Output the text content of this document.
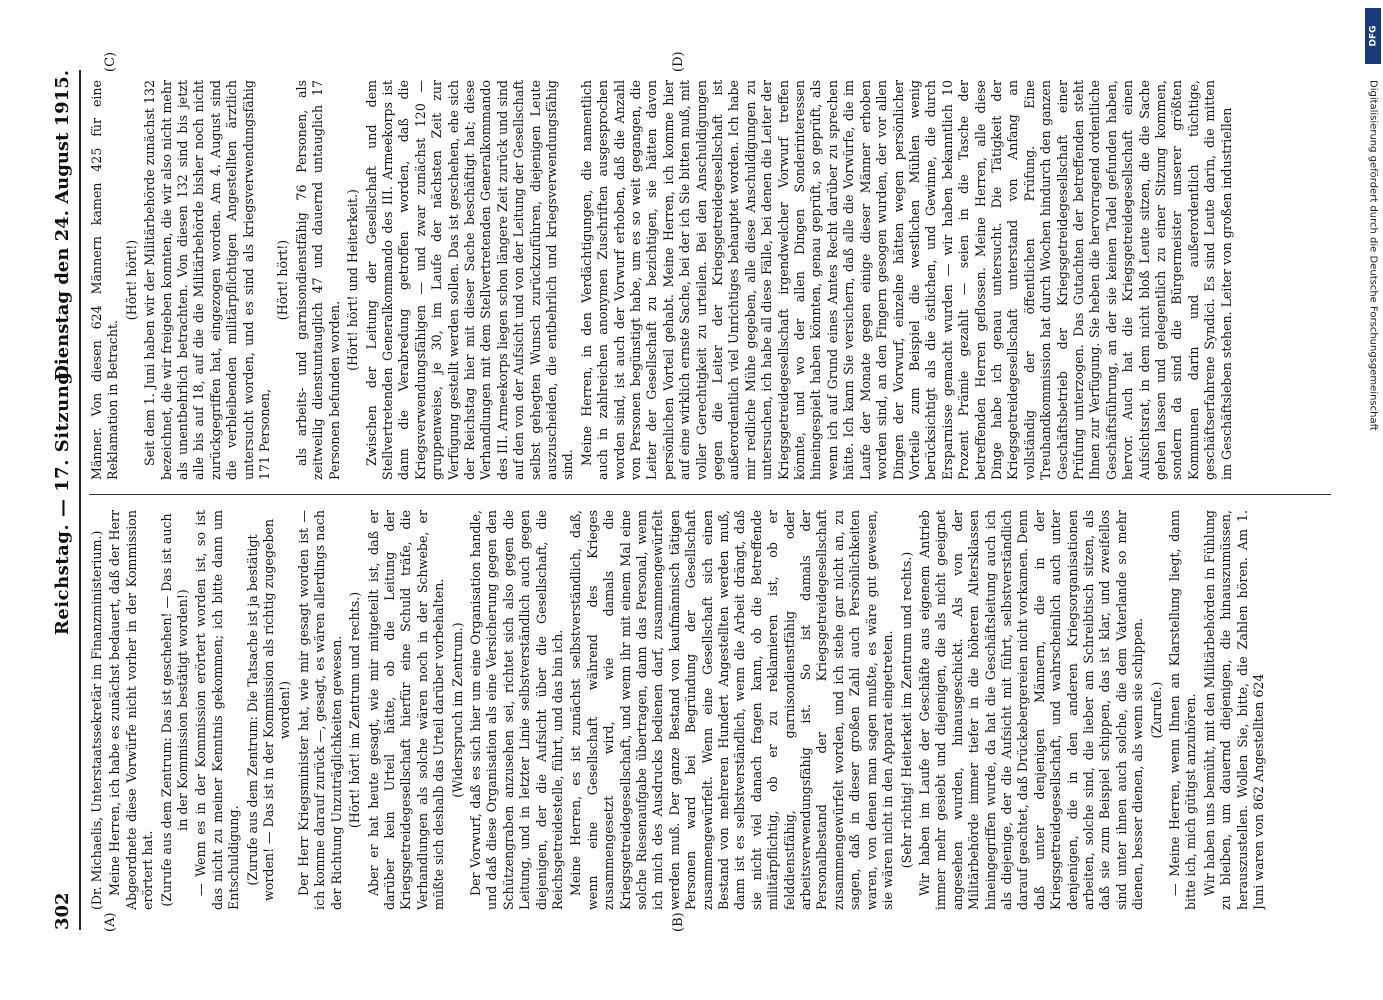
302
Reichstag. — 17. Sitzung.
Dienstag den 24. August 1915.
(A)	(B)
(C)	(D)

(Dr. Michaelis, Unterstaatssekretär im Finanzministerium.) Meine Herren, ich habe es zunächst bedauert, daß der Herr Abgeordnete diese Vorwürfe nicht vorher in der Kommission erörtert hat. (Zurufe aus dem Zentrum: Das ist geschehen! — Das ist auch in der Kommission bestätigt worden!) — Wenn es in der Kommission erörtert worden ist, so ist das nicht zu meiner Kenntnis gekommen; ich bitte dann um Entschuldigung. (Zurufe aus dem Zentrum: Die Tatsache ist ja bestätigt worden! — Das ist in der Kommission als richtig zugegeben worden!) Der Herr Kriegsminister hat, wie mir gesagt worden ist — ich komme darauf zurück —, gesagt, es wären allerdings nach der Richtung Unzuträglichkeiten gewesen. (Hört! hört! im Zentrum und rechts.) Aber er hat heute gesagt, wie mir mitgeteilt ist, daß er darüber kein Urteil hätte, ob die Leitung der Kriegsgetreidegesellschaft hierfür eine Schuld träfe, die Verhandlungen als solche wären noch in der Schwebe, er müßte sich deshalb das Urteil darüber vorbehalten. (Widerspruch im Zentrum.) Der Vorwurf, daß es sich hier um eine Organisation handle, und daß diese Organisation als eine Versicherung gegen den Schützengraben anzusehen sei, richtet sich also gegen die Leitung, und in letzter Linie selbstverständlich auch gegen diejenigen, der die Aufsicht über die Gesellschaft, die Reichsgetreidestelle, führt, und das bin ich. Meine Herren, es ist zunächst selbstverständlich, daß, wenn eine Gesellschaft während des Krieges zusammengesetzt wird, wie damals die Kriegsgetreidegesellschaft, und wenn ihr mit einem Mal eine solche Riesenaufgabe übertragen, dann das Personal, wenn ich mich des Ausdrucks bedienen darf, zusammengewürfelt werden muß. Der ganze Bestand von kaufmännisch tätigen Personen ward bei Begründung der Gesellschaft zusammengewürfelt. Wenn eine Gesellschaft sich einen Bestand von mehreren Hundert Angestellten werden muß, dann ist es selbstverständlich, wenn die Arbeit drängt, daß sie nicht viel danach fragen kann, ob die Betreffende militärpflichtig, ob er zu reklamieren ist, ob er felddienstfähig, garnisondienstfähig oder arbeitsverwendungsfähig ist. So ist damals der Personalbestand der Kriegsgetreidegesellschaft zusammengewürfelt worden, und ich stehe gar nicht an, zu sagen, daß in dieser großen Zahl auch Persönlichkeiten waren, von denen man sagen mußte, es wäre gut gewesen, sie wären nicht in den Apparat eingetreten. (Sehr richtig! Heiterkeit im Zentrum und rechts.) Wir haben im Laufe der Geschäfte aus eigenem Antrieb immer mehr gesiebt und diejenigen, die als nicht geeignet angesehen wurden, hinausgeschickt. Als von der Militärbehörde immer tiefer in die höheren Altersklassen hineingegriffen wurde, da hat die Geschäftsleitung auch ich als diejenige, der die Aufsicht mit führt, selbstverständlich darauf geachtet, daß Drückebergereien nicht vorkamen. Denn daß unter denjenigen Männern, die in der Kriegsgetreidegesellschaft, und wahrscheinlich auch unter denjenigen, die in den anderen Kriegsorganisationen arbeiten, solche sind, die lieber am Schreibtisch sitzen, als daß sie zum Beispiel schippen, das ist klar, und zweifellos sind unter ihnen auch solche, die dem Vaterlande so mehr dienen, besser dienen, als wenn sie schippen. (Zurufe.) — Meine Herren, wenn Ihnen an Klarstellung liegt, dann bitte ich, mich gütigst anzuhören. Wir haben uns bemüht, mit den Militärbehörden in Fühlung zu bleiben, um dauernd diejenigen, die hinauszumüssen, herauszustellen. Wollen Sie, bitte, die Zahlen hören. Am 1. Juni waren von 862 Angestellten 624

Männer. Von diesen 624 Männern kamen 425 für eine Reklamation in Betracht.

(Hört! hört!) Seit dem 1. Juni haben wir der Militärbehörde zunächst 132 bezeichnet, die wir freigeben konnten, die wir also nicht mehr als unentbehrlich betrachten. Von diesen 132 sind bis jetzt alle bis auf 18, auf die die Militärbehörde bisher noch nicht zurückgegriffen hat, eingezogen worden. Am 4. August sind die verbleibenden militärpflichtigen Angestellten ärztlich untersucht worden, und es sind als kriegsverwendungsfähig 171 Personen,

(Hört! hört!) als arbeits- und garnisondienstfähig 76 Personen, als zeitweilig dienstuntauglich 47 und dauernd untauglich 17 Personen befunden worden.

(Hört! hört! und Heiterkeit.) Zwischen der Leitung der Gesellschaft und dem Stellvertretenden Generalkommando des III. Armeekorps ist dann die Verabredung getroffen worden, daß die Kriegsverwendungsfähigen — und zwar zunächst 120 — gruppenweise, je 30, im Laufe der nächsten Zeit zur Verfügung gestellt werden sollen. Das ist geschehen, ehe sich der Reichstag hier mit dieser Sache beschäftigt hat; diese Verhandlungen mit dem Stellvertretenden Generalkommando des III. Armeekorps liegen schon längere Zeit zurück und sind auf den von der Aufsicht und von der Leitung der Gesellschaft selbst gehegten Wunsch zurückzuführen, diejenigen Leute auszuscheiden, die entbehrlich und kriegsverwendungsfähig sind. Meine Herren, in den Verdächtigungen, die namentlich auch in zahlreichen anonymen Zuschriften ausgesprochen worden sind, ist auch der Vorwurf erhoben, daß die Anzahl von Personen begünstigt habe, um es so weit gegangen, die Leiter der Gesellschaft zu bezichtigen, sie hätten davon persönlichen Vorteil gehabt. Meine Herren, ich komme hier auf eine wirklich ernste Sache, bei der ich Sie bitten muß, mit voller Gerechtigkeit zu urteilen. Bei den Anschuldigungen gegen die Leiter der Kriegsgetreidegesellschaft ist außerordentlich viel Unrichtiges behauptet worden. Ich habe mir redliche Mühe gegeben, alle diese Anschuldigungen zu untersuchen, ich habe all diese Fälle, bei denen die Leiter der Kriegsgetreidegesellschaft irgendwelcher Vorwurf treffen könnte, und wo der allen Dingen Sonderinteressen hineingespielt haben könnten, genau geprüft, so geprüft, als wenn ich auf Grund eines Amtes Recht darüber zu sprechen hätte. Ich kann Sie versichern, daß alle die Vorwürfe, die im Laufe der Monate gegen einige dieser Männer erhoben worden sind, an den Fingern gesogen wurden, der vor allen Dingen der Vorwurf, einzelne hätten wegen persönlicher Vorteile zum Beispiel die westlichen Mühlen wenig berücksichtigt als die östlichen, und Gewinne, die durch Ersparnisse gemacht wurden — wir haben bekanntlich 10 Prozent Prämie gezahlt — seien in die Tasche der betreffenden Herren geflossen. Meine Herren, alle diese Dinge habe ich genau untersucht. Die Tätigkeit der Kriegsgetreidegesellschaft unterstand von Anfang an vollständig der öffentlichen Prüfung. Eine Treuhandkommission hat durch Wochen hindurch den ganzen Geschäftsbetrieb der Kriegsgetreidegesellschaft einer Prüfung unterzogen. Das Gutachten der betreffenden steht Ihnen zur Verfügung. Sie heben die hervorragend ordentliche Geschäftsführung, an der sie keinen Tadel gefunden haben, hervor. Auch hat die Kriegsgetreidegesellschaft einen Aufsichtsrat, in dem nicht bloß Leute sitzen, die die Sache gehen lassen und gelegentlich zu einer Sitzung kommen, sondern da sind die Bürgermeister unserer größten Kommunen darin und außerordentlich tüchtige, geschäftserfahrene Syndici. Es sind Leute darin, die mitten im Geschäftsleben stehen. Leiter von großen industriellen

DFG
Digitalisierung gefördert durch die Deutsche Forschungsgemeinschaft
